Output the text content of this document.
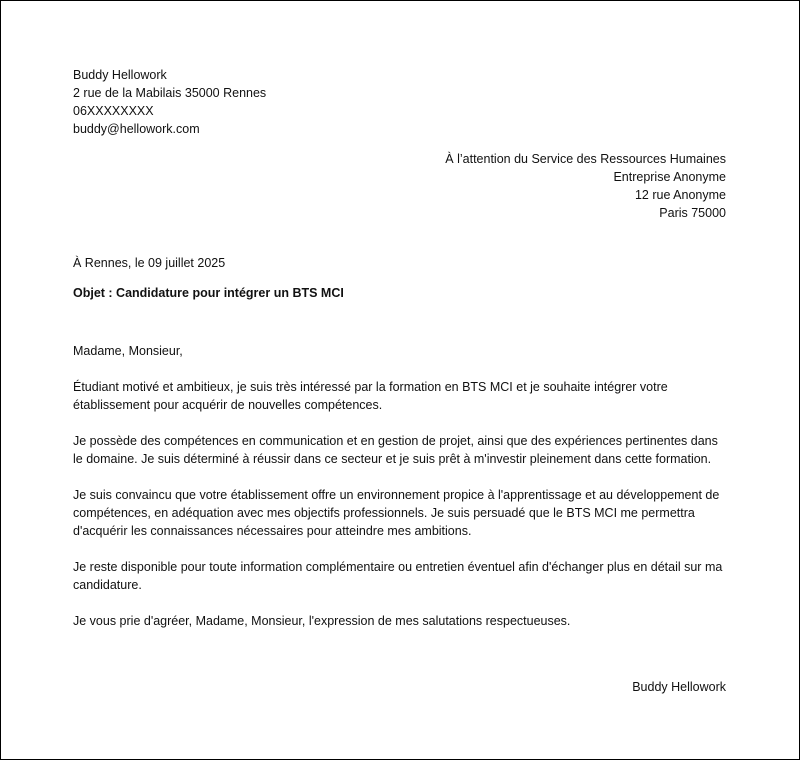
Buddy Hellowork
2 rue de la Mabilais 35000 Rennes
06XXXXXXXX
buddy@hellowork.com
À l’attention du Service des Ressources Humaines
Entreprise Anonyme
12 rue Anonyme
Paris 75000
À Rennes, le 09 juillet 2025
Objet : Candidature pour intégrer un BTS MCI

Madame, Monsieur,

Étudiant motivé et ambitieux, je suis très intéressé par la formation en BTS MCI et je souhaite intégrer votre établissement pour acquérir de nouvelles compétences.

Je possède des compétences en communication et en gestion de projet, ainsi que des expériences pertinentes dans le domaine. Je suis déterminé à réussir dans ce secteur et je suis prêt à m'investir pleinement dans cette formation.

Je suis convaincu que votre établissement offre un environnement propice à l'apprentissage et au développement de compétences, en adéquation avec mes objectifs professionnels. Je suis persuadé que le BTS MCI me permettra d'acquérir les connaissances nécessaires pour atteindre mes ambitions.

Je reste disponible pour toute information complémentaire ou entretien éventuel afin d'échanger plus en détail sur ma candidature.

Je vous prie d'agréer, Madame, Monsieur, l'expression de mes salutations respectueuses.

Buddy Hellowork
